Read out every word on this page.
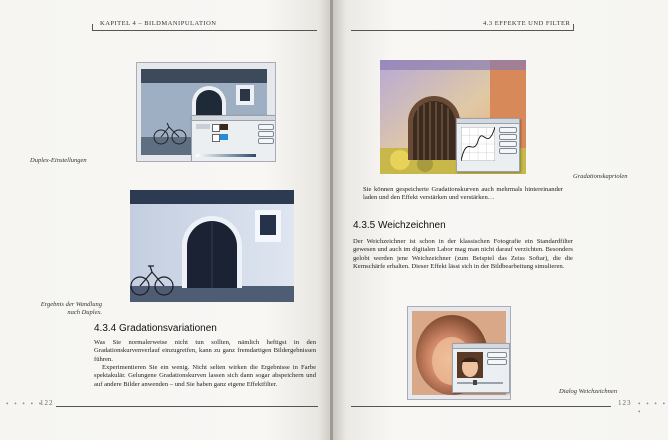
KAPITEL 4 – BILDMANIPULATION
Duplex-Einstellungen
Ergebnis der Wandlung
nach Duplex.
4.3.4 Gradationsvariationen
Was Sie normalerweise nicht tun sollten, nämlich heftigst in den Gradationskurvenverlauf einzugreifen, kann zu ganz fremdartigen Bildergebnissen führen.
Experimentieren Sie ein wenig. Nicht selten wirken die Ergebnisse in Farbe spektakulär. Gelungene Gradationskurven lassen sich dann sogar abspeichern und auf andere Bilder anwenden – und Sie haben ganz eigene Effektfilter.
• • • • •
122
4.3 EFFEKTE UND FILTER
Gradationskapriolen
Sie können gespeicherte Gradationskurven auch mehrmals hintereinander laden und den Effekt verstärken und verstärken…
4.3.5 Weichzeichnen
Der Weichzeichner ist schon in der klassischen Fotografie ein Standardfilter gewesen und auch im digitalen Labor mag man nicht darauf verzichten. Besonders gelobt werden jene Weichzeichner (zum Beispiel das Zeiss Softar), die die Kernschärfe erhalten. Dieser Effekt lässt sich in der Bildbearbeitung simulieren.
Dialog Weichzeichnen
123 • • • • •
